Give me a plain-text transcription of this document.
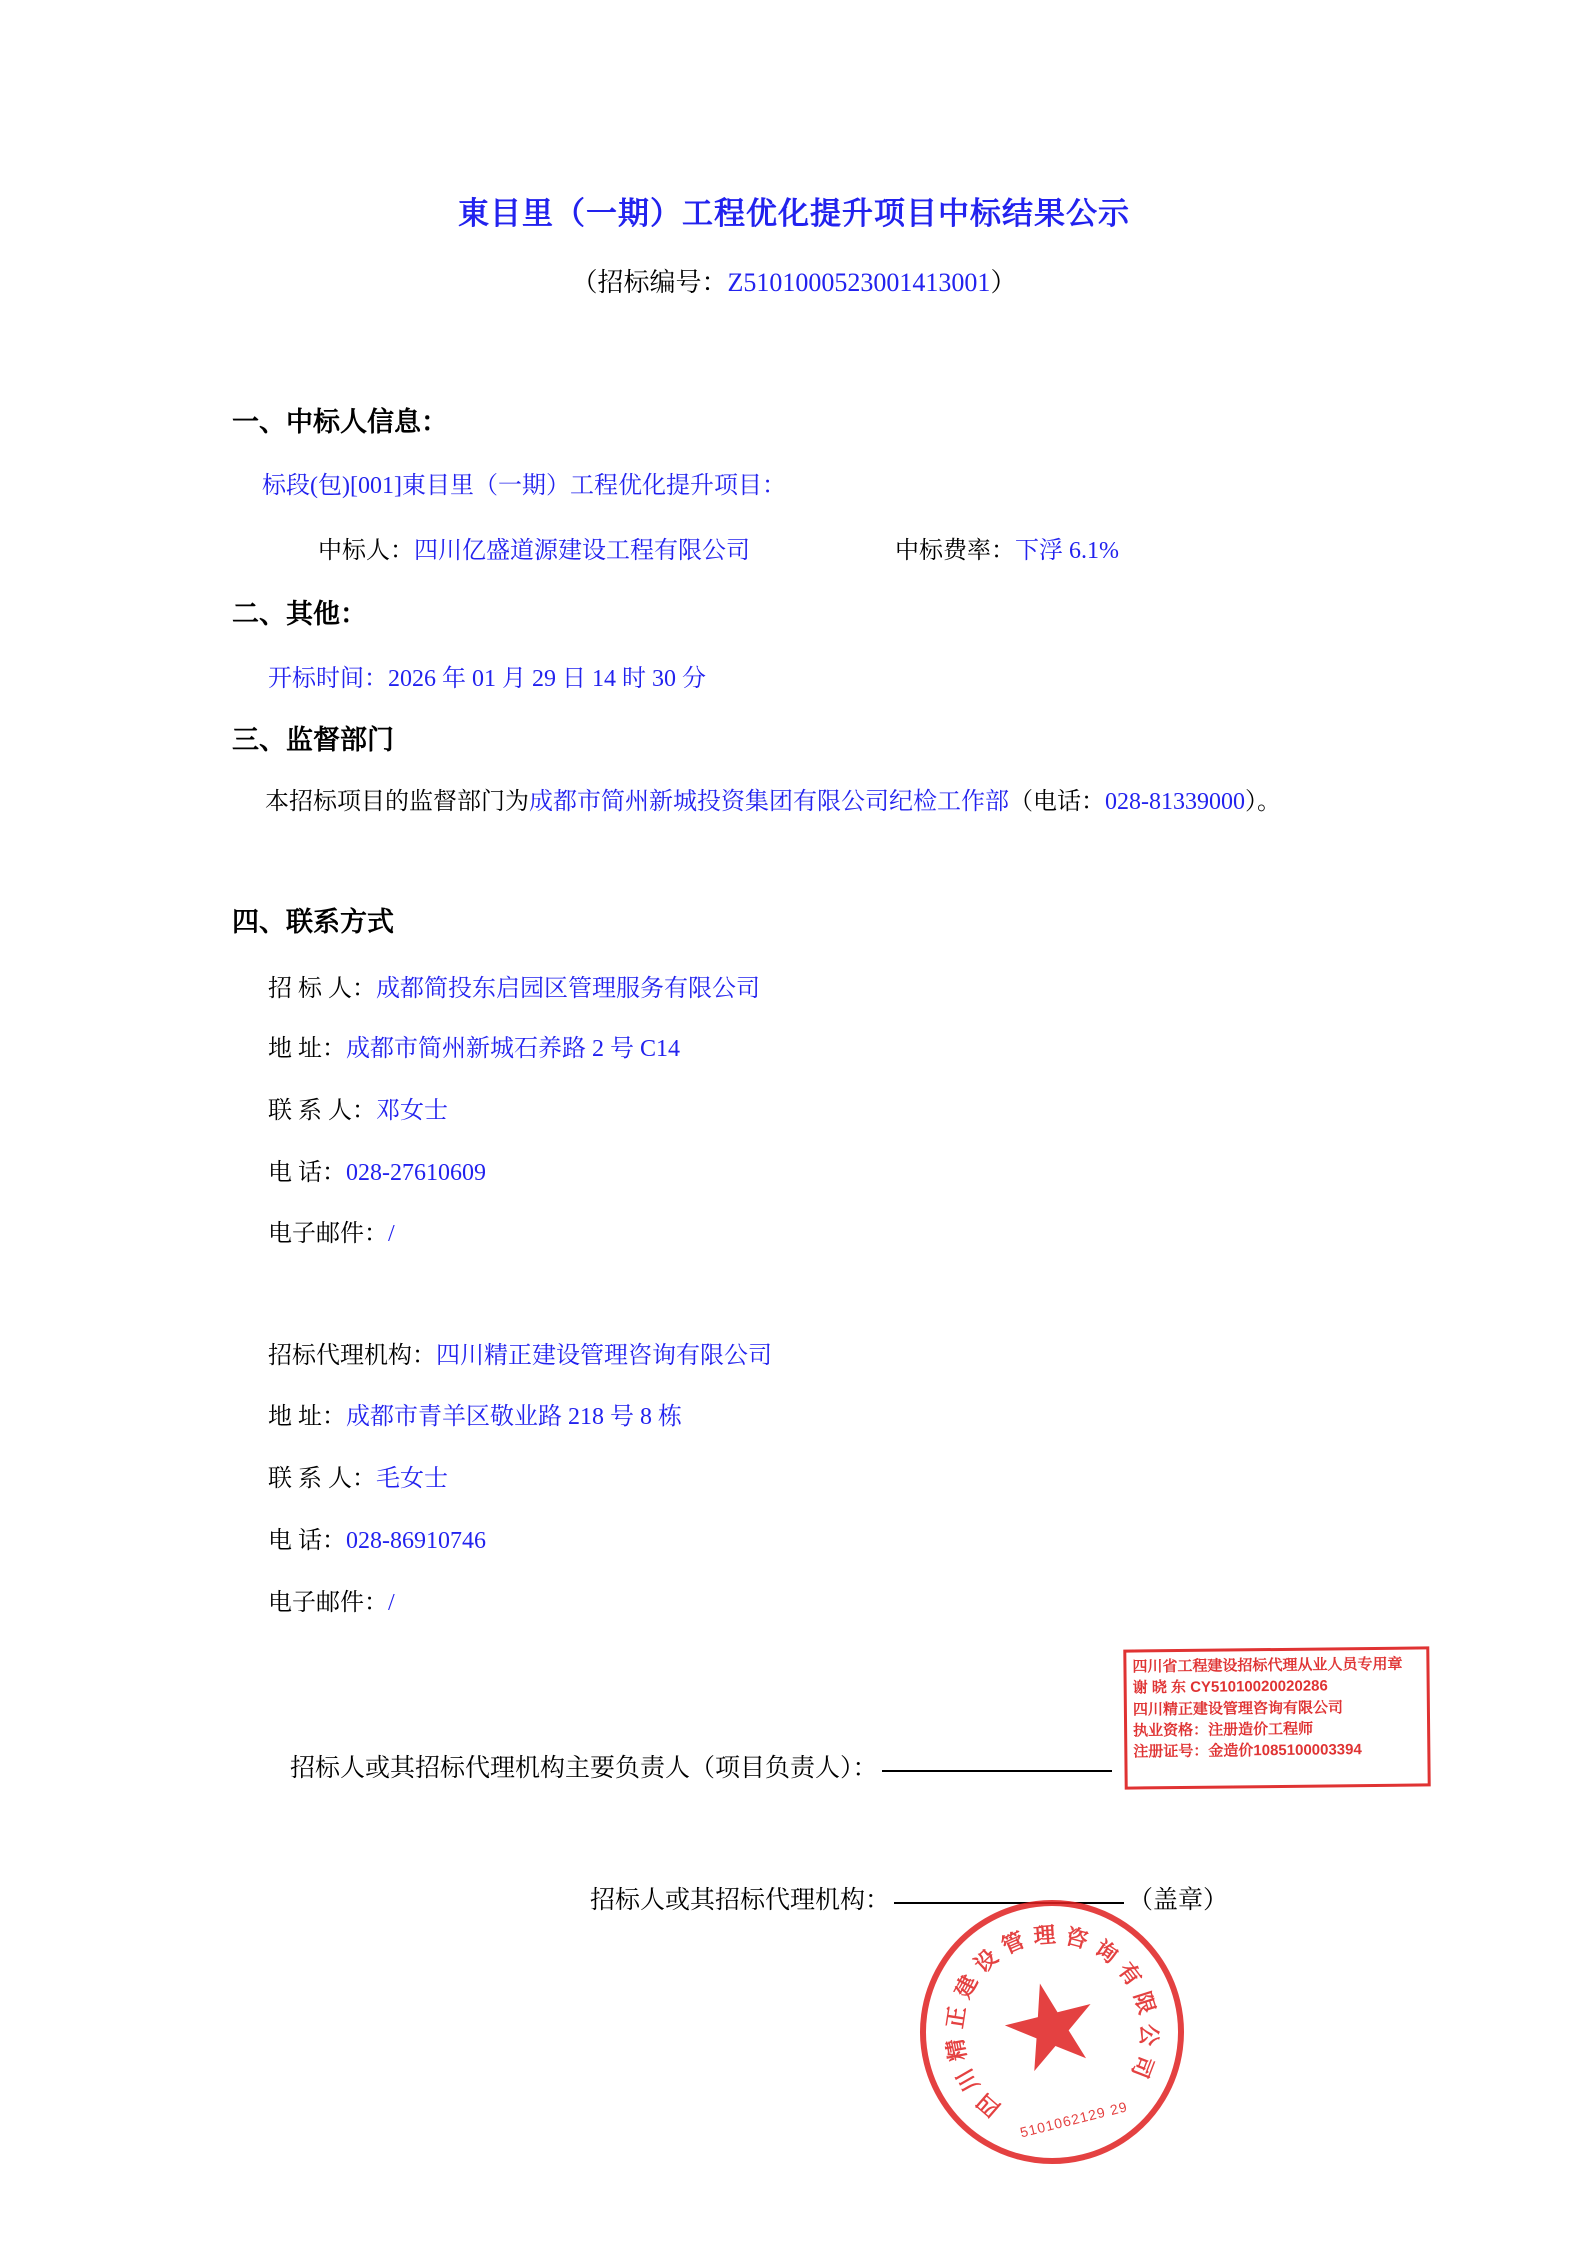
東目里（一期）工程优化提升项目中标结果公示
（招标编号：Z5101000523001413001）
一、中标人信息：
标段(包)[001]東目里（一期）工程优化提升项目：
中标人：四川亿盛道源建设工程有限公司	中标费率：下浮 6.1%
二、其他：
开标时间：2026 年 01 月 29 日 14 时 30 分
三、监督部门
本招标项目的监督部门为成都市简州新城投资集团有限公司纪检工作部（电话：028-81339000）。
四、联系方式
招 标 人：成都简投东启园区管理服务有限公司
地 址：成都市简州新城石养路 2 号 C14
联 系 人：邓女士
电 话：028-27610609
电子邮件：/
招标代理机构：四川精正建设管理咨询有限公司
地 址：成都市青羊区敬业路 218 号 8 栋
联 系 人：毛女士
电 话：028-86910746
电子邮件：/
招标人或其招标代理机构主要负责人（项目负责人）：
招标人或其招标代理机构：	（盖章）
四川省工程建设招标代理从业人员专用章
谢 晓 东 CY51010020020286
四川精正建设管理咨询有限公司
执业资格：注册造价工程师
注册证号：金造价1085100003394
四
川
精
正
建
设
管 理 咨 询
有
限
公
司
5101062129 29
